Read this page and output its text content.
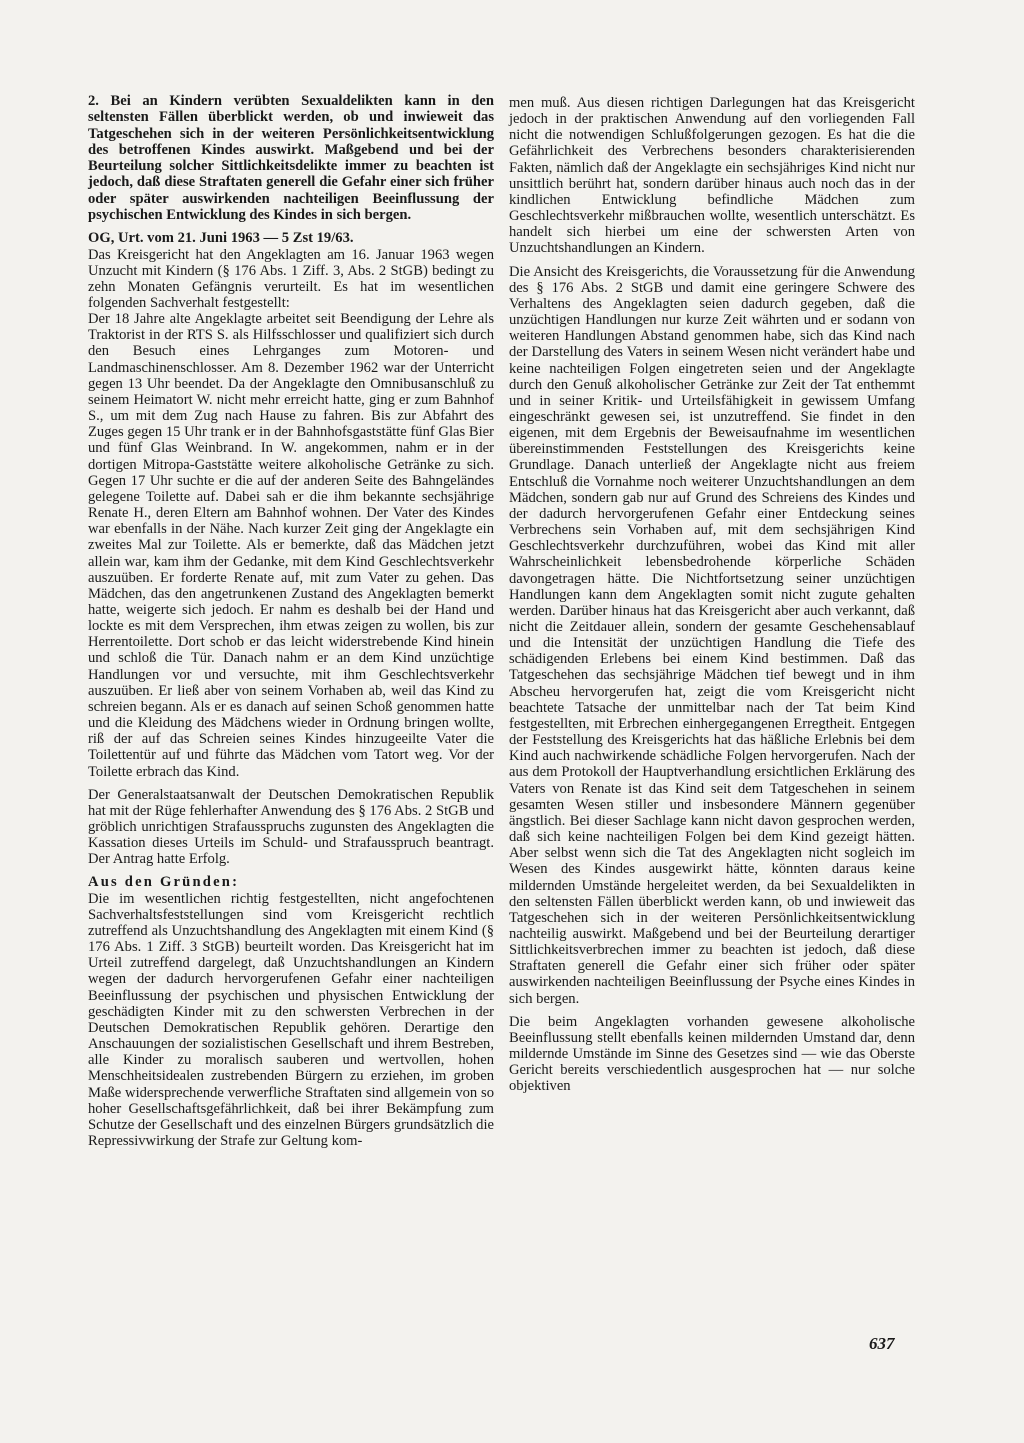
2. Bei an Kindern verübten Sexualdelikten kann in den seltensten Fällen überblickt werden, ob und inwieweit das Tatgeschehen sich in der weiteren Persönlichkeitsentwicklung des betroffenen Kindes auswirkt. Maßgebend und bei der Beurteilung solcher Sittlichkeitsdelikte immer zu beachten ist jedoch, daß diese Straftaten generell die Gefahr einer sich früher oder später auswirkenden nachteiligen Beeinflussung der psychischen Entwicklung des Kindes in sich bergen.

OG, Urt. vom 21. Juni 1963 — 5 Zst 19/63.

Das Kreisgericht hat den Angeklagten am 16. Januar 1963 wegen Unzucht mit Kindern (§ 176 Abs. 1 Ziff. 3, Abs. 2 StGB) bedingt zu zehn Monaten Gefängnis verurteilt. Es hat im wesentlichen folgenden Sachverhalt festgestellt:

Der 18 Jahre alte Angeklagte arbeitet seit Beendigung der Lehre als Traktorist in der RTS S. als Hilfsschlosser und qualifiziert sich durch den Besuch eines Lehrganges zum Motoren- und Landmaschinenschlosser. Am 8. Dezember 1962 war der Unterricht gegen 13 Uhr beendet. Da der Angeklagte den Omnibusanschluß zu seinem Heimatort W. nicht mehr erreicht hatte, ging er zum Bahnhof S., um mit dem Zug nach Hause zu fahren. Bis zur Abfahrt des Zuges gegen 15 Uhr trank er in der Bahnhofsgaststätte fünf Glas Bier und fünf Glas Weinbrand. In W. angekommen, nahm er in der dortigen Mitropa-Gaststätte weitere alkoholische Getränke zu sich. Gegen 17 Uhr suchte er die auf der anderen Seite des Bahngeländes gelegene Toilette auf. Dabei sah er die ihm bekannte sechsjährige Renate H., deren Eltern am Bahnhof wohnen. Der Vater des Kindes war ebenfalls in der Nähe. Nach kurzer Zeit ging der Angeklagte ein zweites Mal zur Toilette. Als er bemerkte, daß das Mädchen jetzt allein war, kam ihm der Gedanke, mit dem Kind Geschlechtsverkehr auszuüben. Er forderte Renate auf, mit zum Vater zu gehen. Das Mädchen, das den angetrunkenen Zustand des Angeklagten bemerkt hatte, weigerte sich jedoch. Er nahm es deshalb bei der Hand und lockte es mit dem Versprechen, ihm etwas zeigen zu wollen, bis zur Herrentoilette. Dort schob er das leicht widerstrebende Kind hinein und schloß die Tür. Danach nahm er an dem Kind unzüchtige Handlungen vor und versuchte, mit ihm Geschlechtsverkehr auszuüben. Er ließ aber von seinem Vorhaben ab, weil das Kind zu schreien begann. Als er es danach auf seinen Schoß genommen hatte und die Kleidung des Mädchens wieder in Ordnung bringen wollte, riß der auf das Schreien seines Kindes hinzugeeilte Vater die Toilettentür auf und führte das Mädchen vom Tatort weg. Vor der Toilette erbrach das Kind.

Der Generalstaatsanwalt der Deutschen Demokratischen Republik hat mit der Rüge fehlerhafter Anwendung des § 176 Abs. 2 StGB und gröblich unrichtigen Strafausspruchs zugunsten des Angeklagten die Kassation dieses Urteils im Schuld- und Strafausspruch beantragt. Der Antrag hatte Erfolg.

Aus den Gründen:

Die im wesentlichen richtig festgestellten, nicht angefochtenen Sachverhaltsfeststellungen sind vom Kreisgericht rechtlich zutreffend als Unzuchtshandlung des Angeklagten mit einem Kind (§ 176 Abs. 1 Ziff. 3 StGB) beurteilt worden. Das Kreisgericht hat im Urteil zutreffend dargelegt, daß Unzuchtshandlungen an Kindern wegen der dadurch hervorgerufenen Gefahr einer nachteiligen Beeinflussung der psychischen und physischen Entwicklung der geschädigten Kinder mit zu den schwersten Verbrechen in der Deutschen Demokratischen Republik gehören. Derartige den Anschauungen der sozialistischen Gesellschaft und ihrem Bestreben, alle Kinder zu moralisch sauberen und wertvollen, hohen Menschheitsidealen zustrebenden Bürgern zu erziehen, im groben Maße widersprechende verwerfliche Straftaten sind allgemein von so hoher Gesellschaftsgefährlichkeit, daß bei ihrer Bekämpfung zum Schutze der Gesellschaft und des einzelnen Bürgers grundsätzlich die Repressivwirkung der Strafe zur Geltung kom-

men muß. Aus diesen richtigen Darlegungen hat das Kreisgericht jedoch in der praktischen Anwendung auf den vorliegenden Fall nicht die notwendigen Schlußfolgerungen gezogen. Es hat die die Gefährlichkeit des Verbrechens besonders charakterisierenden Fakten, nämlich daß der Angeklagte ein sechsjähriges Kind nicht nur unsittlich berührt hat, sondern darüber hinaus auch noch das in der kindlichen Entwicklung befindliche Mädchen zum Geschlechtsverkehr mißbrauchen wollte, wesentlich unterschätzt. Es handelt sich hierbei um eine der schwersten Arten von Unzuchtshandlungen an Kindern.

Die Ansicht des Kreisgerichts, die Voraussetzung für die Anwendung des § 176 Abs. 2 StGB und damit eine geringere Schwere des Verhaltens des Angeklagten seien dadurch gegeben, daß die unzüchtigen Handlungen nur kurze Zeit währten und er sodann von weiteren Handlungen Abstand genommen habe, sich das Kind nach der Darstellung des Vaters in seinem Wesen nicht verändert habe und keine nachteiligen Folgen eingetreten seien und der Angeklagte durch den Genuß alkoholischer Getränke zur Zeit der Tat enthemmt und in seiner Kritik- und Urteilsfähigkeit in gewissem Umfang eingeschränkt gewesen sei, ist unzutreffend. Sie findet in den eigenen, mit dem Ergebnis der Beweisaufnahme im wesentlichen übereinstimmenden Feststellungen des Kreisgerichts keine Grundlage. Danach unterließ der Angeklagte nicht aus freiem Entschluß die Vornahme noch weiterer Unzuchtshandlungen an dem Mädchen, sondern gab nur auf Grund des Schreiens des Kindes und der dadurch hervorgerufenen Gefahr einer Entdeckung seines Verbrechens sein Vorhaben auf, mit dem sechsjährigen Kind Geschlechtsverkehr durchzuführen, wobei das Kind mit aller Wahrscheinlichkeit lebensbedrohende körperliche Schäden davongetragen hätte. Die Nichtfortsetzung seiner unzüchtigen Handlungen kann dem Angeklagten somit nicht zugute gehalten werden. Darüber hinaus hat das Kreisgericht aber auch verkannt, daß nicht die Zeitdauer allein, sondern der gesamte Geschehensablauf und die Intensität der unzüchtigen Handlung die Tiefe des schädigenden Erlebens bei einem Kind bestimmen. Daß das Tatgeschehen das sechsjährige Mädchen tief bewegt und in ihm Abscheu hervorgerufen hat, zeigt die vom Kreisgericht nicht beachtete Tatsache der unmittelbar nach der Tat beim Kind festgestellten, mit Erbrechen einhergegangenen Erregtheit. Entgegen der Feststellung des Kreisgerichts hat das häßliche Erlebnis bei dem Kind auch nachwirkende schädliche Folgen hervorgerufen. Nach der aus dem Protokoll der Hauptverhandlung ersichtlichen Erklärung des Vaters von Renate ist das Kind seit dem Tatgeschehen in seinem gesamten Wesen stiller und insbesondere Männern gegenüber ängstlich. Bei dieser Sachlage kann nicht davon gesprochen werden, daß sich keine nachteiligen Folgen bei dem Kind gezeigt hätten. Aber selbst wenn sich die Tat des Angeklagten nicht sogleich im Wesen des Kindes ausgewirkt hätte, könnten daraus keine mildernden Umstände hergeleitet werden, da bei Sexualdelikten in den seltensten Fällen überblickt werden kann, ob und inwieweit das Tatgeschehen sich in der weiteren Persönlichkeitsentwicklung nachteilig auswirkt. Maßgebend und bei der Beurteilung derartiger Sittlichkeitsverbrechen immer zu beachten ist jedoch, daß diese Straftaten generell die Gefahr einer sich früher oder später auswirkenden nachteiligen Beeinflussung der Psyche eines Kindes in sich bergen.

Die beim Angeklagten vorhanden gewesene alkoholische Beeinflussung stellt ebenfalls keinen mildernden Umstand dar, denn mildernde Umstände im Sinne des Gesetzes sind — wie das Oberste Gericht bereits verschiedentlich ausgesprochen hat — nur solche objektiven

637
